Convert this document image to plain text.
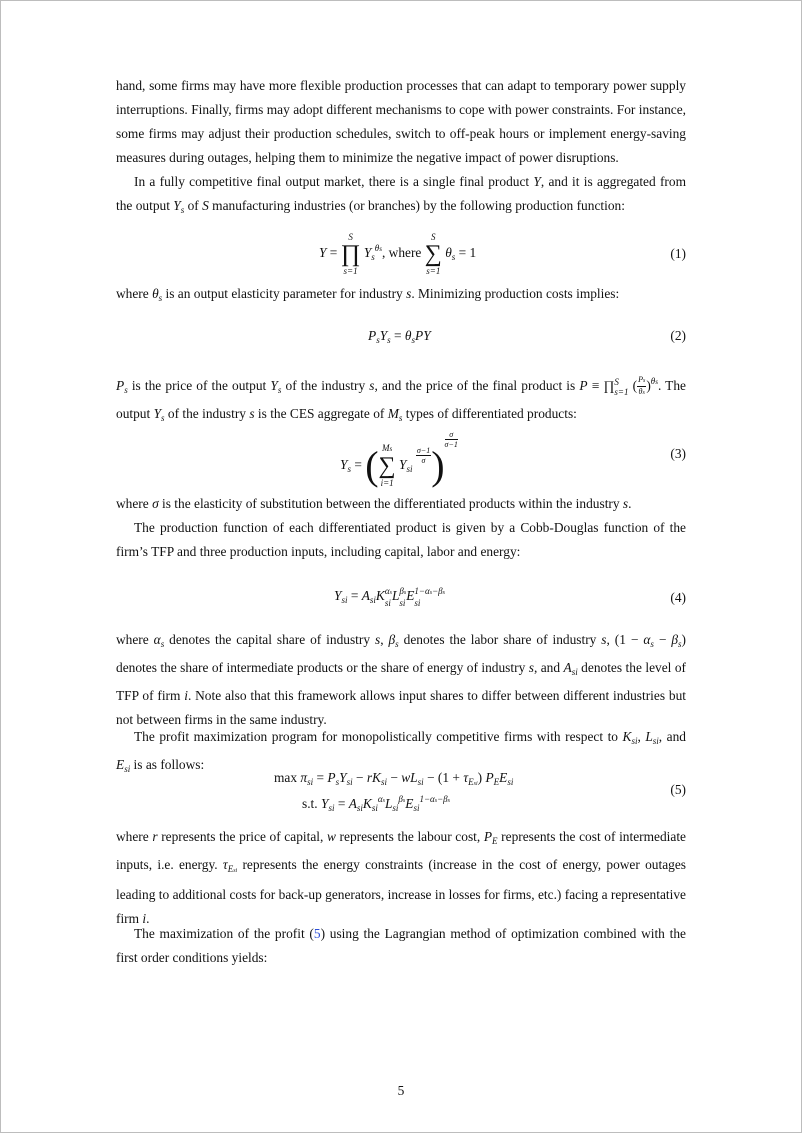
hand, some firms may have more flexible production processes that can adapt to temporary power supply interruptions. Finally, firms may adopt different mechanisms to cope with power constraints. For instance, some firms may adjust their production schedules, switch to off-peak hours or implement energy-saving measures during outages, helping them to minimize the negative impact of power disruptions.

In a fully competitive final output market, there is a single final product Y, and it is aggregated from the output $Y_s$ of S manufacturing industries (or branches) by the following production function:

Y =
S
∏
s=1
$Y_s^{\theta s}$, where
S
∑
s=1
$\theta_s = 1$	(1)

where $\theta_s$ is an output elasticity parameter for industry s. Minimizing production costs implies:

$P_sY_s = \theta_sPY$	(2)

$P_s$ is the price of the output $Y_s$ of the industry s, and the price of the final product is P ≡ ∏ S
s=1 ( $\frac{Ps}{\theta s})^{\theta s}$. The output $Y_s$ of the industry s is the CES aggregate of $M_s$ types of differentiated products:

$Y_s$ = ( Ms
∑
i=1
$Y_{si}$
$\frac{\sigma-1}{\sigma}$)
$\frac{\sigma}{\sigma-1}$
(3)

where σ is the elasticity of substitution between the differentiated products within the industry s.

The production function of each differentiated product is given by a Cobb-Douglas function of the firm’s TFP and three production inputs, including capital, labor and energy:

$Y_{si} = A_{si}K$ αs
si L βs
si E 1−αs−βs
si	(4)

where $\alpha_s$ denotes the capital share of industry s, $\beta_s$ denotes the labor share of industry s, $(1 - \alpha_s - \beta_s)$ denotes the share of intermediate products or the share of energy of industry s, and $A_{si}$ denotes the level of TFP of firm i. Note also that this framework allows input shares to differ between different industries but not between firms in the same industry.

The profit maximization program for monopolistically competitive firms with respect to $K_{si}$, $L_{si}$, and $E_{si}$ is as follows:

$\max \pi_{si} = P_sY_{si} - rK_{si} - wL_{si} - (1 + \tau_{Esi})$ $P_EE_{si}$
s.t. $Y_{si} = A_{si}K_{si}^{\alpha s}L_{si}^{\beta s}E_{si}^{1-\alpha s-\beta s}$
(5)

where r represents the price of capital, w represents the labour cost, $P_E$ represents the cost of intermediate inputs, i.e. energy. $\tau_{Esi}$ represents the energy constraints (increase in the cost of energy, power outages leading to additional costs for back-up generators, increase in losses for firms, etc.) facing a representative firm i.

The maximization of the profit (5) using the Lagrangian method of optimization combined with the first order conditions yields:

5
